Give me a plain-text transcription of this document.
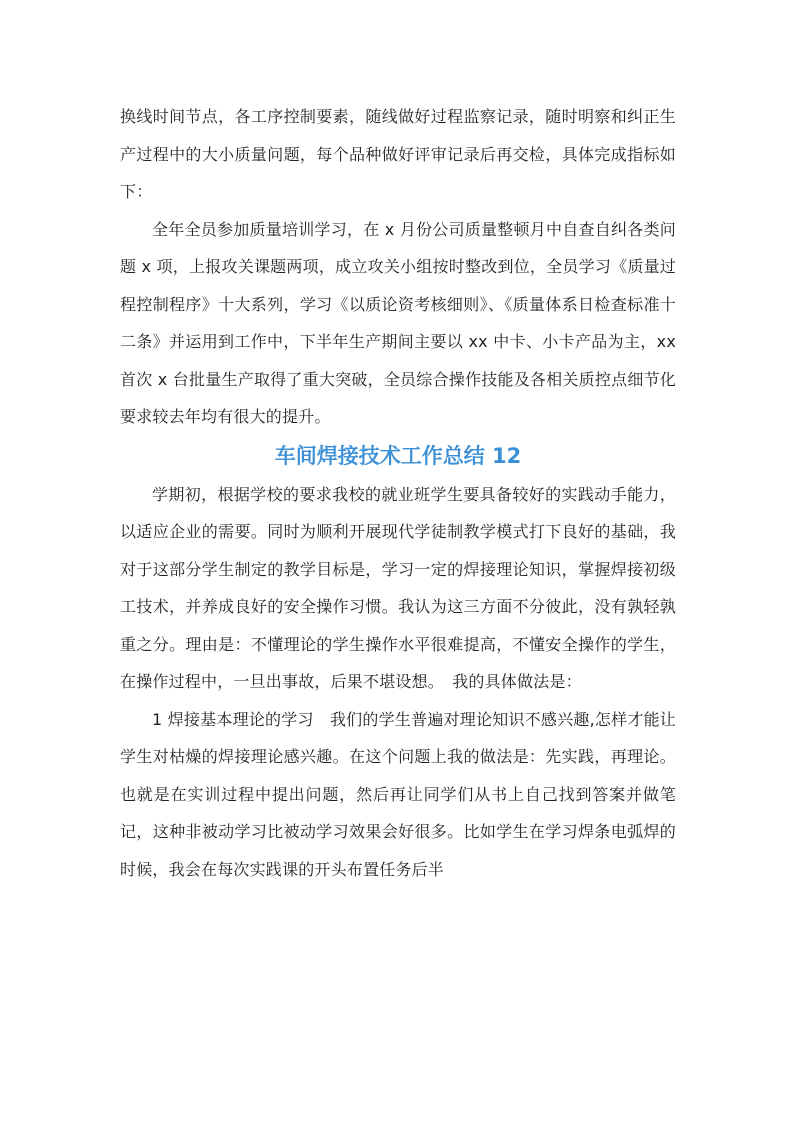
换线时间节点，各工序控制要素，随线做好过程监察记录，随时明察和纠正生产过程中的大小质量问题，每个品种做好评审记录后再交检，具体完成指标如下：

全年全员参加质量培训学习，在 x 月份公司质量整顿月中自查自纠各类问题 x 项，上报攻关课题两项，成立攻关小组按时整改到位，全员学习《质量过程控制程序》十大系列，学习《以质论资考核细则》、《质量体系日检查标准十二条》并运用到工作中，下半年生产期间主要以 xx 中卡、小卡产品为主，xx 首次 x 台批量生产取得了重大突破，全员综合操作技能及各相关质控点细节化要求较去年均有很大的提升。

车间焊接技术工作总结 12

学期初，根据学校的要求我校的就业班学生要具备较好的实践动手能力，以适应企业的需要。同时为顺利开展现代学徒制教学模式打下良好的基础，我对于这部分学生制定的教学目标是，学习一定的焊接理论知识，掌握焊接初级工技术，并养成良好的安全操作习惯。我认为这三方面不分彼此，没有孰轻孰重之分。理由是：不懂理论的学生操作水平很难提高，不懂安全操作的学生，在操作过程中，一旦出事故，后果不堪设想。　我的具体做法是：

1 焊接基本理论的学习　我们的学生普遍对理论知识不感兴趣,怎样才能让学生对枯燥的焊接理论感兴趣。在这个问题上我的做法是：先实践，再理论。也就是在实训过程中提出问题，然后再让同学们从书上自己找到答案并做笔记，这种非被动学习比被动学习效果会好很多。比如学生在学习焊条电弧焊的时候，我会在每次实践课的开头布置任务后半
